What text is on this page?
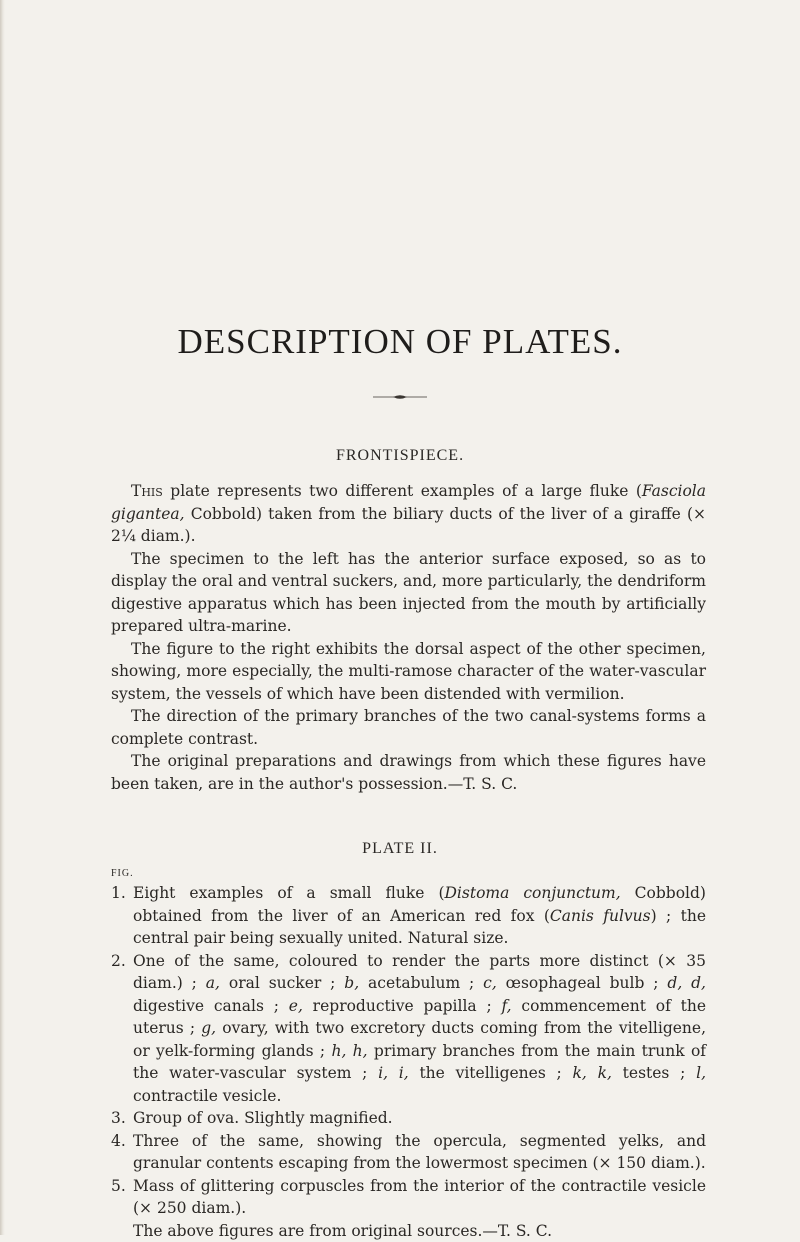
DESCRIPTION OF PLATES.
FRONTISPIECE.

This plate represents two different examples of a large fluke (Fasciola gigantea, Cobbold) taken from the biliary ducts of the liver of a giraffe (× 2¼ diam.).

The specimen to the left has the anterior surface exposed, so as to display the oral and ventral suckers, and, more particularly, the dendriform digestive apparatus which has been injected from the mouth by artificially prepared ultra-marine.

The figure to the right exhibits the dorsal aspect of the other specimen, showing, more especially, the multi-ramose character of the water-vascular system, the vessels of which have been distended with vermilion.

The direction of the primary branches of the two canal-systems forms a complete contrast.

The original preparations and drawings from which these figures have been taken, are in the author's possession.—T. S. C.

PLATE II.
FIG.
1. Eight examples of a small fluke (Distoma conjunctum, Cobbold) obtained from the liver of an American red fox (Canis fulvus) ; the central pair being sexually united. Natural size.
2. One of the same, coloured to render the parts more distinct (× 35 diam.) ; a, oral sucker ; b, acetabulum ; c, œsophageal bulb ; d, d, digestive canals ; e, reproductive papilla ; f, commencement of the uterus ; g, ovary, with two excretory ducts coming from the vitelligene, or yelk-forming glands ; h, h, primary branches from the main trunk of the water-vascular system ; i, i, the vitelligenes ; k, k, testes ; l, contractile vesicle.
3. Group of ova. Slightly magnified.
4. Three of the same, showing the opercula, segmented yelks, and granular contents escaping from the lowermost specimen (× 150 diam.).
5. Mass of glittering corpuscles from the interior of the contractile vesicle (× 250 diam.).
The above figures are from original sources.—T. S. C.
